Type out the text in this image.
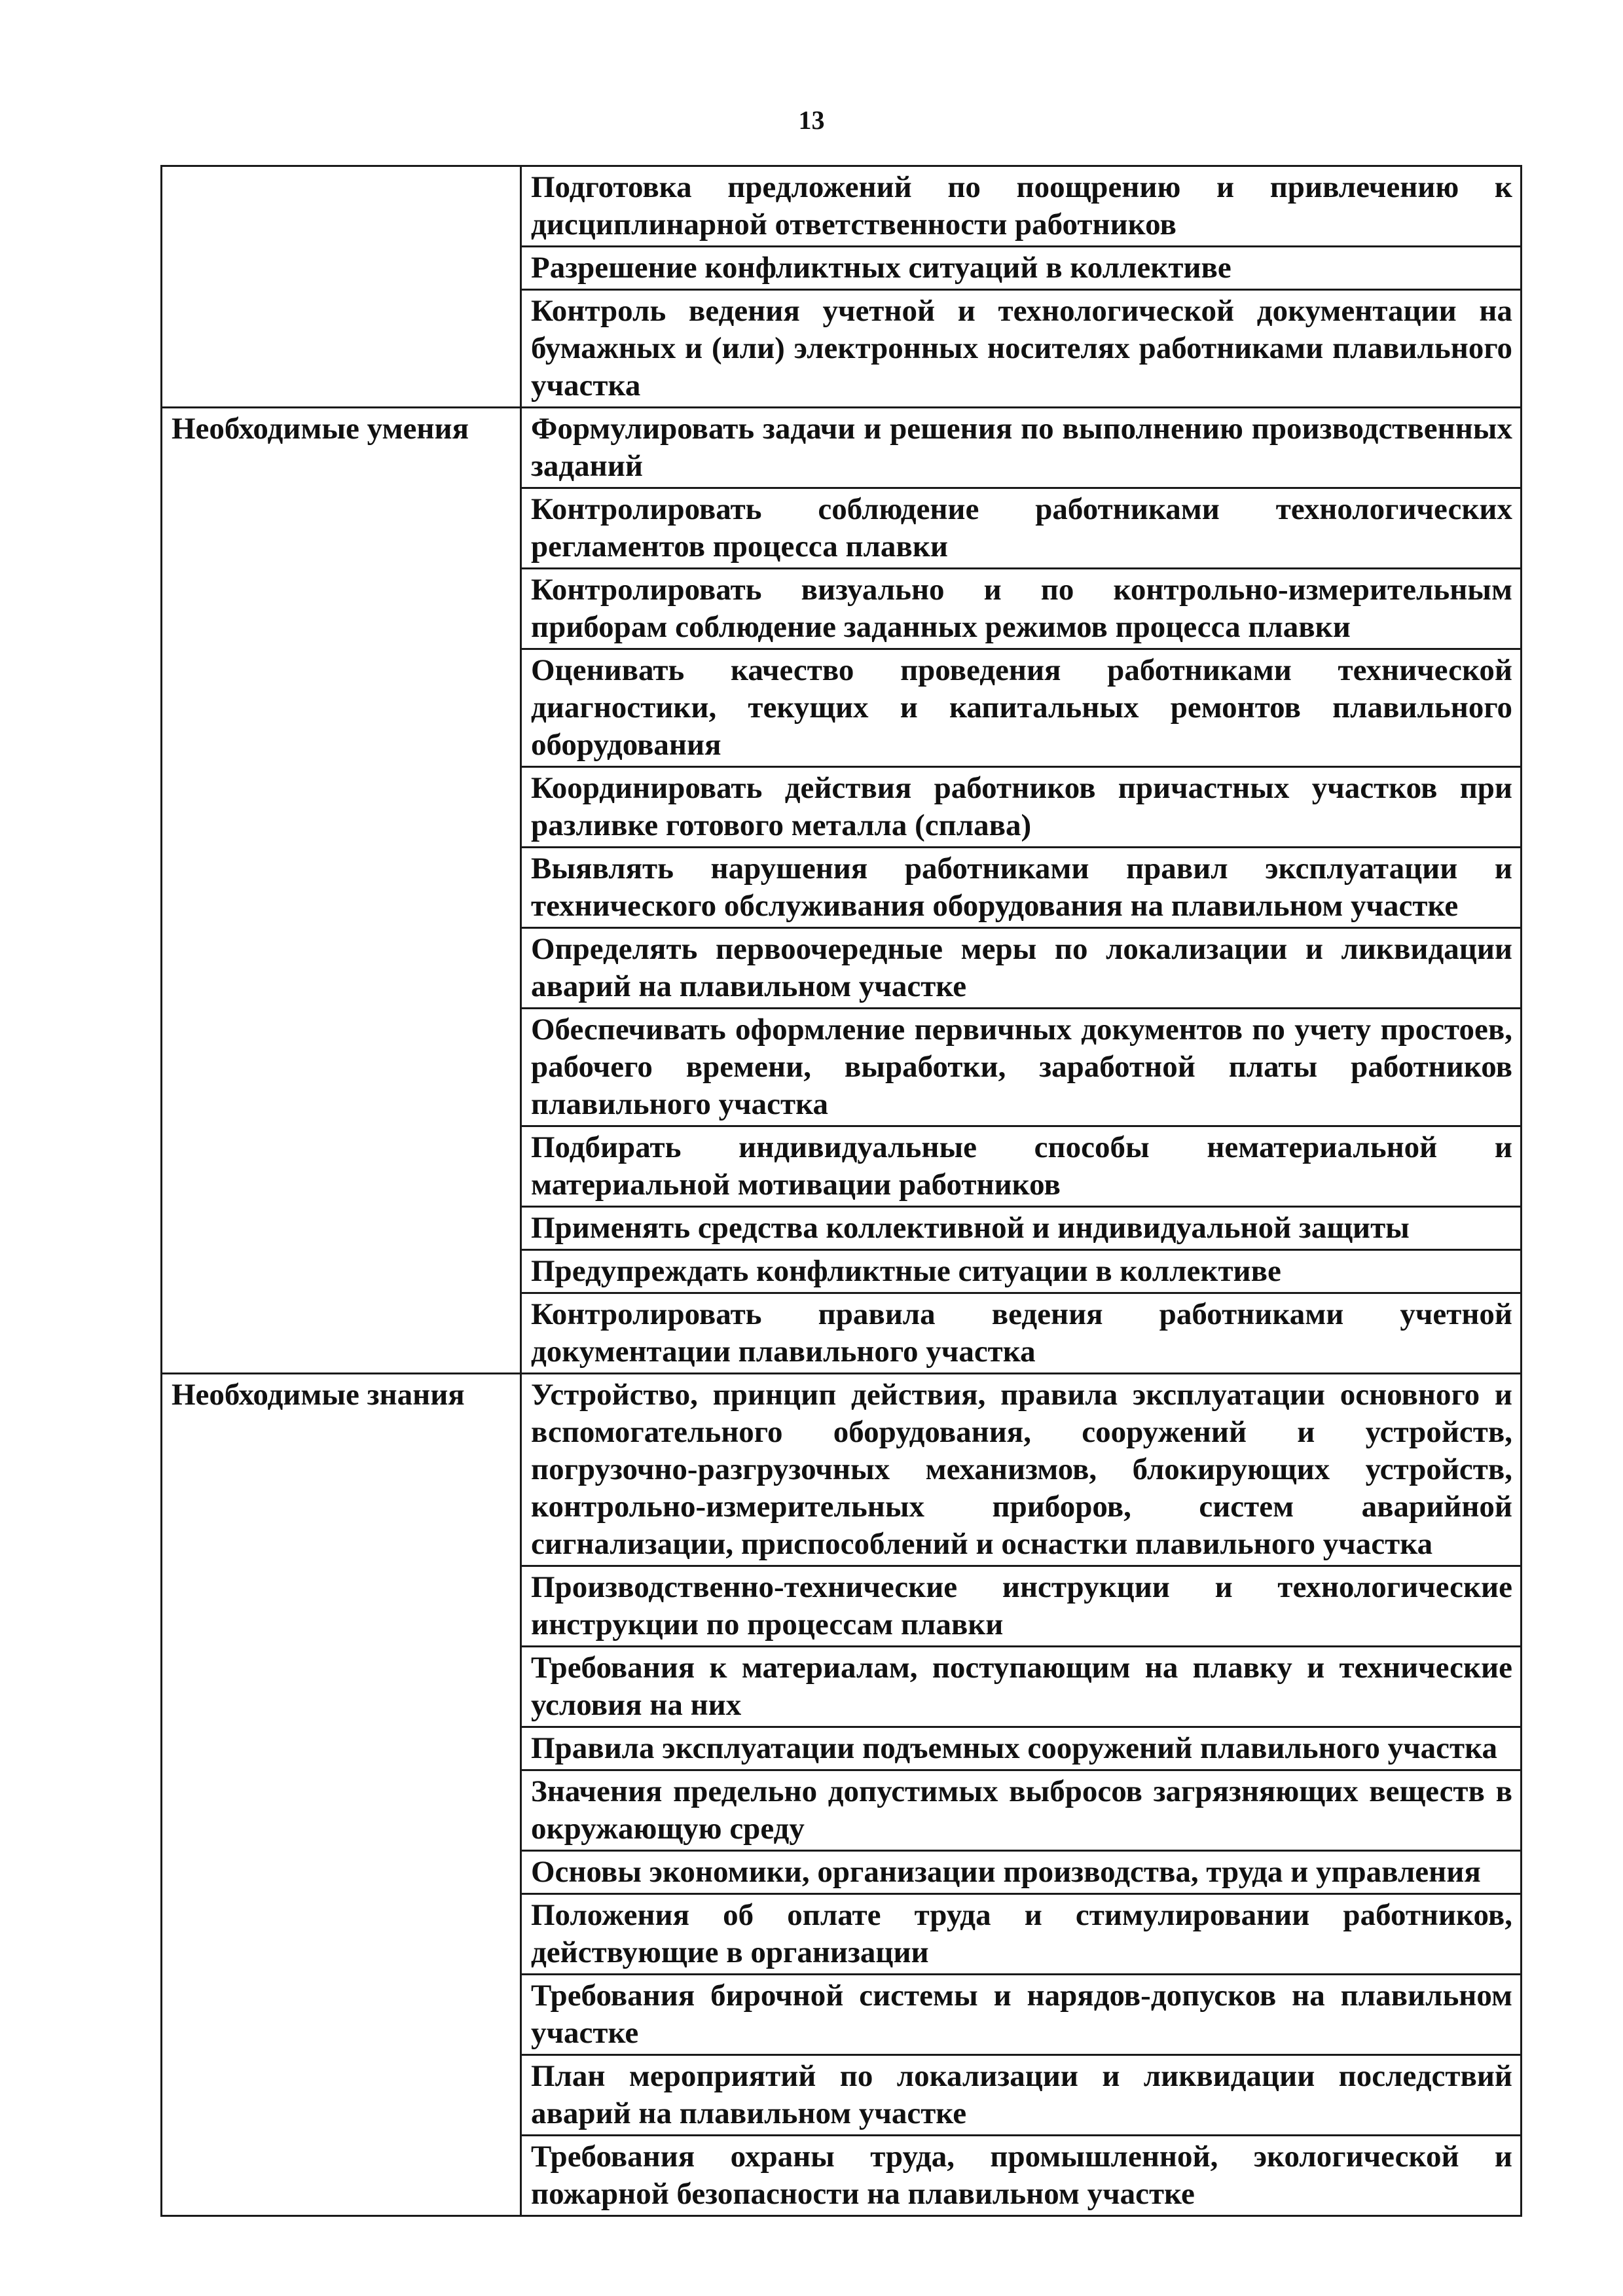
13
	Подготовка предложений по поощрению и привлечению к дисциплинарной ответственности работников
	Разрешение конфликтных ситуаций в коллективе
	Контроль ведения учетной и технологической документации на бумажных и (или) электронных носителях работниками плавильного участка
Необходимые умения	Формулировать задачи и решения по выполнению производственных заданий
	Контролировать соблюдение работниками технологических регламентов процесса плавки
	Контролировать визуально и по контрольно-измерительным приборам соблюдение заданных режимов процесса плавки
	Оценивать качество проведения работниками технической диагностики, текущих и капитальных ремонтов плавильного оборудования
	Координировать действия работников причастных участков при разливке готового металла (сплава)
	Выявлять нарушения работниками правил эксплуатации и технического обслуживания оборудования на плавильном участке
	Определять первоочередные меры по локализации и ликвидации аварий на плавильном участке
	Обеспечивать оформление первичных документов по учету простоев, рабочего времени, выработки, заработной платы работников плавильного участка
	Подбирать индивидуальные способы нематериальной и материальной мотивации работников
	Применять средства коллективной и индивидуальной защиты
	Предупреждать конфликтные ситуации в коллективе
	Контролировать правила ведения работниками учетной документации плавильного участка
Необходимые знания	Устройство, принцип действия, правила эксплуатации основного и вспомогательного оборудования, сооружений и устройств, погрузочно-разгрузочных механизмов, блокирующих устройств, контрольно-измерительных приборов, систем аварийной сигнализации, приспособлений и оснастки плавильного участка
	Производственно-технические инструкции и технологические инструкции по процессам плавки
	Требования к материалам, поступающим на плавку и технические условия на них
	Правила эксплуатации подъемных сооружений плавильного участка
	Значения предельно допустимых выбросов загрязняющих веществ в окружающую среду
	Основы экономики, организации производства, труда и управления
	Положения об оплате труда и стимулировании работников, действующие в организации
	Требования бирочной системы и нарядов-допусков на плавильном участке
	План мероприятий по локализации и ликвидации последствий аварий на плавильном участке
	Требования охраны труда, промышленной, экологической и пожарной безопасности на плавильном участке
